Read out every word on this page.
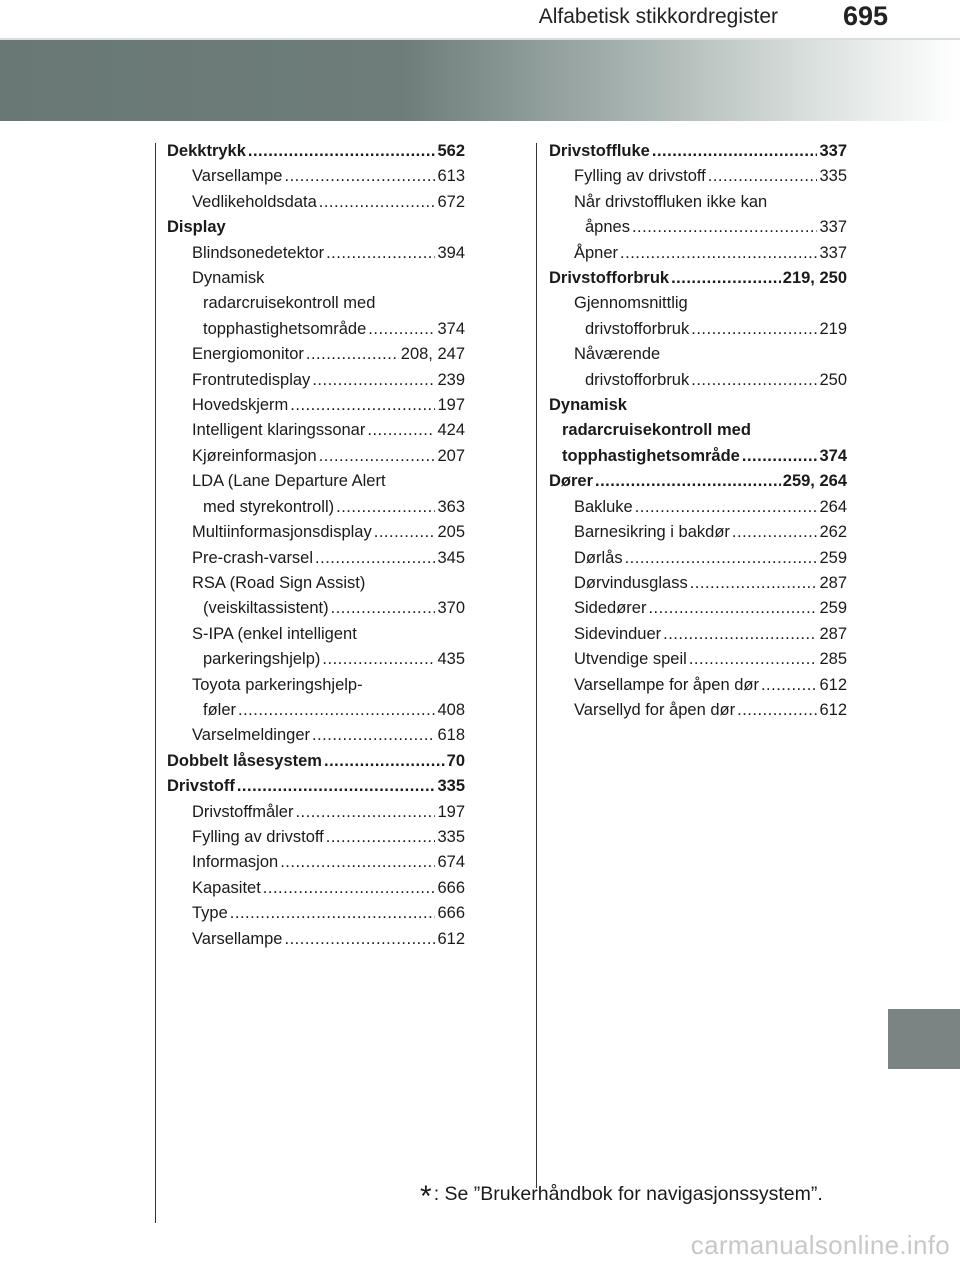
Alfabetisk stikkordregister 695
Dekktrykk .....	562
Varsellampe .....	613
Vedlikeholdsdata .....	672
Display
Blindsonedetektor .....	394
Dynamisk
radarcruisekontroll med
topphastighetsområde .....	374
Energiomonitor .....	208, 247
Frontrutedisplay .....	239
Hovedskjerm .....	197
Intelligent klaringssonar .....	424
Kjøreinformasjon .....	207
LDA (Lane Departure Alert
med styrekontroll) .....	363
Multiinformasjonsdisplay .....	205
Pre-crash-varsel .....	345
RSA (Road Sign Assist)
(veiskiltassistent) .....	370
S-IPA (enkel intelligent
parkeringshjelp) .....	435
Toyota parkeringshjelp-
føler .....	408
Varselmeldinger .....	618
Dobbelt låsesystem .....	70
Drivstoff .....	335
Drivstoffmåler .....	197
Fylling av drivstoff .....	335
Informasjon .....	674
Kapasitet .....	666
Type .....	666
Varsellampe .....	612
Drivstoffluke .....	337
Fylling av drivstoff .....	335
Når drivstoffluken ikke kan
åpnes .....	337
Åpner .....	337
Drivstofforbruk .....	219, 250
Gjennomsnittlig
drivstofforbruk .....	219
Nåværende
drivstofforbruk .....	250
Dynamisk
radarcruisekontroll med
topphastighetsområde .....	374
Dører .....	259, 264
Bakluke .....	264
Barnesikring i bakdør .....	262
Dørlås .....	259
Dørvindusglass .....	287
Sidedører .....	259
Sidevinduer .....	287
Utvendige speil .....	285
Varsellampe for åpen dør .....	612
Varsellyd for åpen dør .....	612
* : Se ”Brukerhåndbok for navigasjonssystem”.
carmanualsonline.info
